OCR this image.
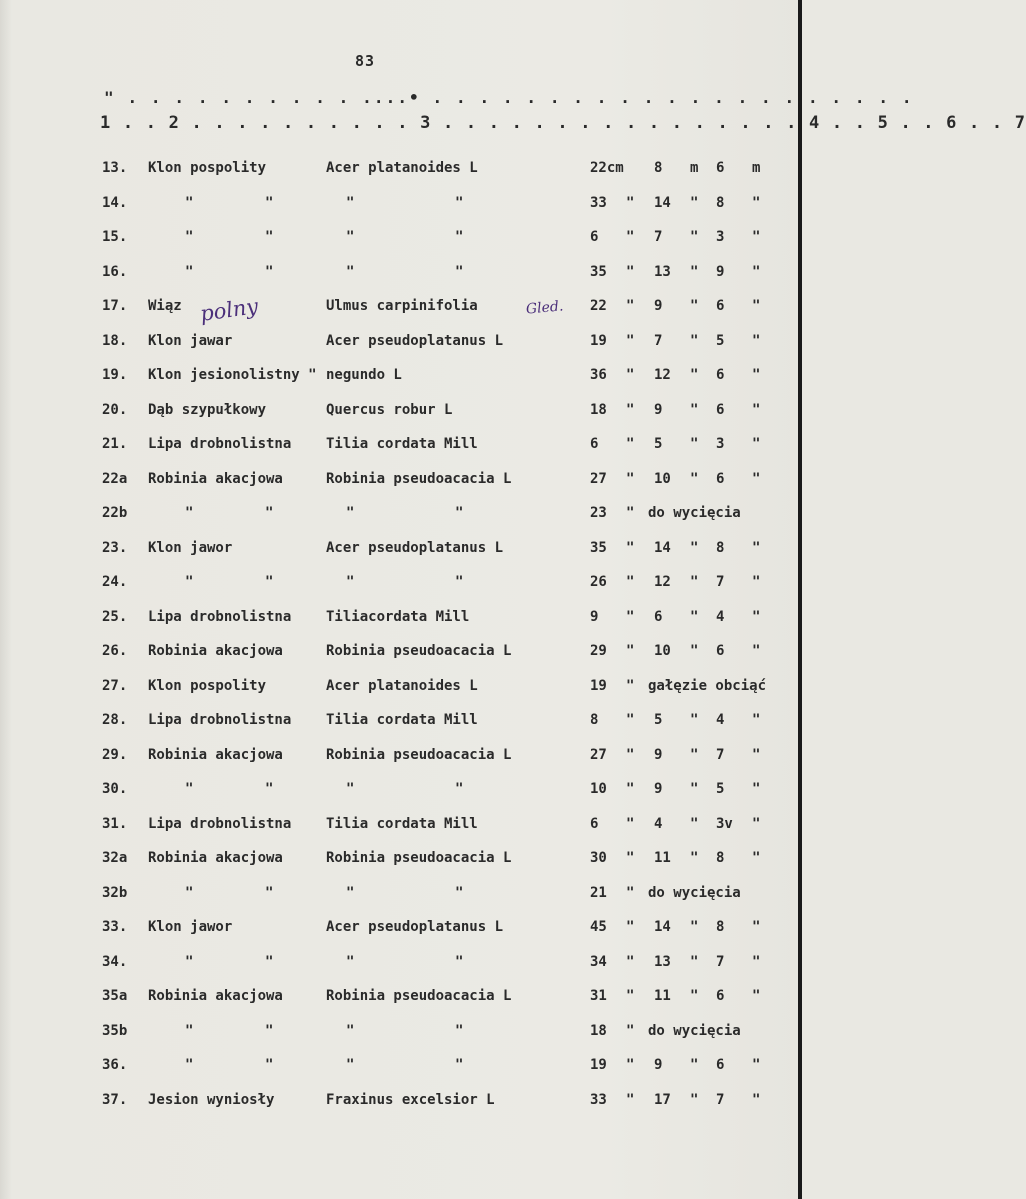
83
" . . . . . . . . . . ....• . . . . . . . . . . . . . . . . . . . . .
1 . . 2 . . . . . . . . . . 3 . . . . . . . . . . . . . . . . 4 . . 5 . . 6 . . 7
polny	Gled.
13. Klon pospolity	Acer platanoides L	22cm 8 m 6 m
14.	"	"	"	"	33 " 14 " 8 "
15.	"	"	"	"	6 " 7 " 3 "
16.	"	"	"	"	35 " 13 " 9 "
17. Wiąz	Ulmus carpinifolia	22 " 9 " 6 "
18. Klon jawar	Acer pseudoplatanus L	19 " 7 " 5 "
19. Klon jesionolistny " negundo L	36 " 12 " 6 "
20. Dąb szypułkowy	Quercus robur L	18 " 9 " 6 "
21. Lipa drobnolistna Tilia cordata Mill	6 " 5 " 3 "
22a Robinia akacjowa	Robinia pseudoacacia L	27 " 10 " 6 "
22b	"	"	"	"	23 " do wycięcia
23. Klon jawor	Acer pseudoplatanus L	35 " 14 " 8 "
24.	"	"	"	"	26 " 12 " 7 "
25. Lipa drobnolistna Tiliacordata Mill	9 " 6 " 4 "
26. Robinia akacjowa	Robinia pseudoacacia L	29 " 10 " 6 "
27. Klon pospolity	Acer platanoides L	19 " gałęzie obciąć
28. Lipa drobnolistna Tilia cordata Mill	8 " 5 " 4 "
29. Robinia akacjowa	Robinia pseudoacacia L	27 " 9 " 7 "
30.	"	"	"	"	10 " 9 " 5 "
31. Lipa drobnolistna Tilia cordata Mill	6 " 4 " 3v "
32a Robinia akacjowa	Robinia pseudoacacia L	30 " 11 " 8 "
32b	"	"	"	"	21 " do wycięcia
33. Klon jawor	Acer pseudoplatanus L	45 " 14 " 8 "
34.	"	"	"	"	34 " 13 " 7 "
35a Robinia akacjowa	Robinia pseudoacacia L	31 " 11 " 6 "
35b	"	"	"	"	18 " do wycięcia
36.	"	"	"	"	19 " 9 " 6 "
37. Jesion wyniosły	Fraxinus excelsior L	33 " 17 " 7 "
